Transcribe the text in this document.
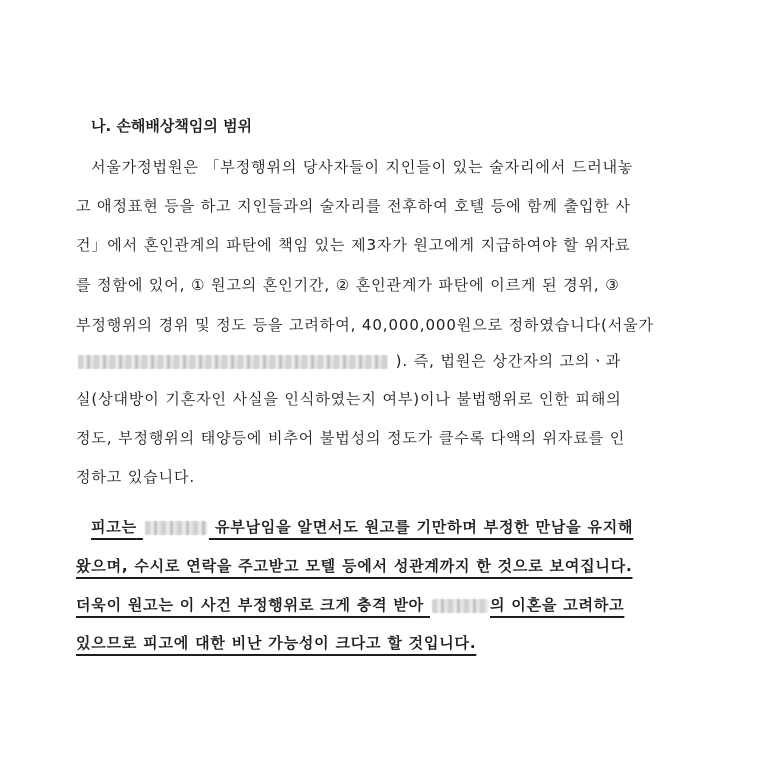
나. 손해배상책임의 범위
서울가정법원은 「부정행위의 당사자들이 지인들이 있는 술자리에서 드러내놓
고 애정표현 등을 하고 지인들과의 술자리를 전후하여 호텔 등에 함께 출입한 사
건」에서 혼인관계의 파탄에 책임 있는 제3자가 원고에게 지급하여야 할 위자료
를 정함에 있어, ① 원고의 혼인기간, ② 혼인관계가 파탄에 이르게 된 경위, ③
부정행위의 경위 및 정도 등을 고려하여, 40,000,000원으로 정하였습니다(서울가
). 즉, 법원은 상간자의 고의ㆍ과
실(상대방이 기혼자인 사실을 인식하였는지 여부)이나 불법행위로 인한 피해의
정도, 부정행위의 태양등에 비추어 불법성의 정도가 클수록 다액의 위자료를 인
정하고 있습니다.
피고는	유부남임을 알면서도 원고를 기만하며 부정한 만남을 유지해
왔으며, 수시로 연락을 주고받고 모텔 등에서 성관계까지 한 것으로 보여집니다.
더욱이 원고는 이 사건 부정행위로 크게 충격 받아	의 이혼을 고려하고
있으므로 피고에 대한 비난 가능성이 크다고 할 것입니다.
